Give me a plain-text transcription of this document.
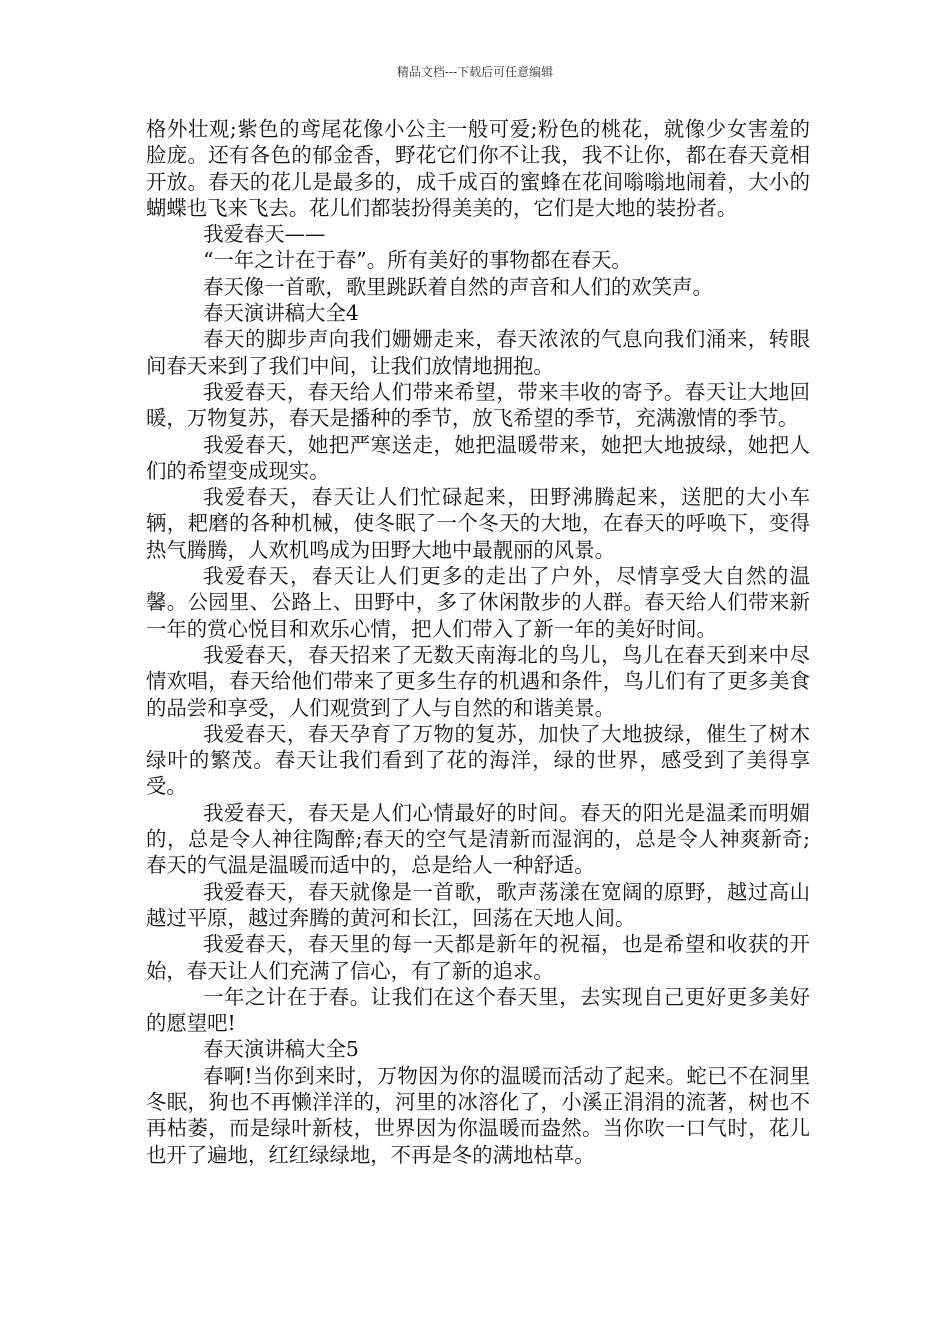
精品文档---下载后可任意编辑

格外壮观;紫色的鸢尾花像小公主一般可爱;粉色的桃花，就像少女害羞的脸庞。还有各色的郁金香，野花它们你不让我，我不让你，都在春天竟相开放。春天的花儿是最多的，成千成百的蜜蜂在花间嗡嗡地闹着，大小的蝴蝶也飞来飞去。花儿们都装扮得美美的，它们是大地的装扮者。

我爱春天——

“一年之计在于春”。所有美好的事物都在春天。

春天像一首歌，歌里跳跃着自然的声音和人们的欢笑声。

春天演讲稿大全4

春天的脚步声向我们姗姗走来，春天浓浓的气息向我们涌来，转眼间春天来到了我们中间，让我们放情地拥抱。

我爱春天，春天给人们带来希望，带来丰收的寄予。春天让大地回暖，万物复苏，春天是播种的季节，放飞希望的季节，充满激情的季节。

我爱春天，她把严寒送走，她把温暖带来，她把大地披绿，她把人们的希望变成现实。

我爱春天，春天让人们忙碌起来，田野沸腾起来，送肥的大小车辆，耙磨的各种机械，使冬眠了一个冬天的大地，在春天的呼唤下，变得热气腾腾，人欢机鸣成为田野大地中最靓丽的风景。

我爱春天，春天让人们更多的走出了户外，尽情享受大自然的温馨。公园里、公路上、田野中，多了休闲散步的人群。春天给人们带来新一年的赏心悦目和欢乐心情，把人们带入了新一年的美好时间。

我爱春天，春天招来了无数天南海北的鸟儿，鸟儿在春天到来中尽情欢唱，春天给他们带来了更多生存的机遇和条件，鸟儿们有了更多美食的品尝和享受，人们观赏到了人与自然的和谐美景。

我爱春天，春天孕育了万物的复苏，加快了大地披绿，催生了树木绿叶的繁茂。春天让我们看到了花的海洋，绿的世界，感受到了美得享受。

我爱春天，春天是人们心情最好的时间。春天的阳光是温柔而明媚的，总是令人神往陶醉;春天的空气是清新而湿润的，总是令人神爽新奇;春天的气温是温暖而适中的，总是给人一种舒适。

我爱春天，春天就像是一首歌，歌声荡漾在宽阔的原野，越过高山越过平原，越过奔腾的黄河和长江，回荡在天地人间。

我爱春天，春天里的每一天都是新年的祝福，也是希望和收获的开始，春天让人们充满了信心，有了新的追求。

一年之计在于春。让我们在这个春天里，去实现自己更好更多美好的愿望吧!

春天演讲稿大全5

春啊!当你到来时，万物因为你的温暖而活动了起来。蛇已不在洞里冬眠，狗也不再懒洋洋的，河里的冰溶化了，小溪正涓涓的流著，树也不再枯萎，而是绿叶新枝，世界因为你温暖而盎然。当你吹一口气时，花儿也开了遍地，红红绿绿地，不再是冬的满地枯草。
